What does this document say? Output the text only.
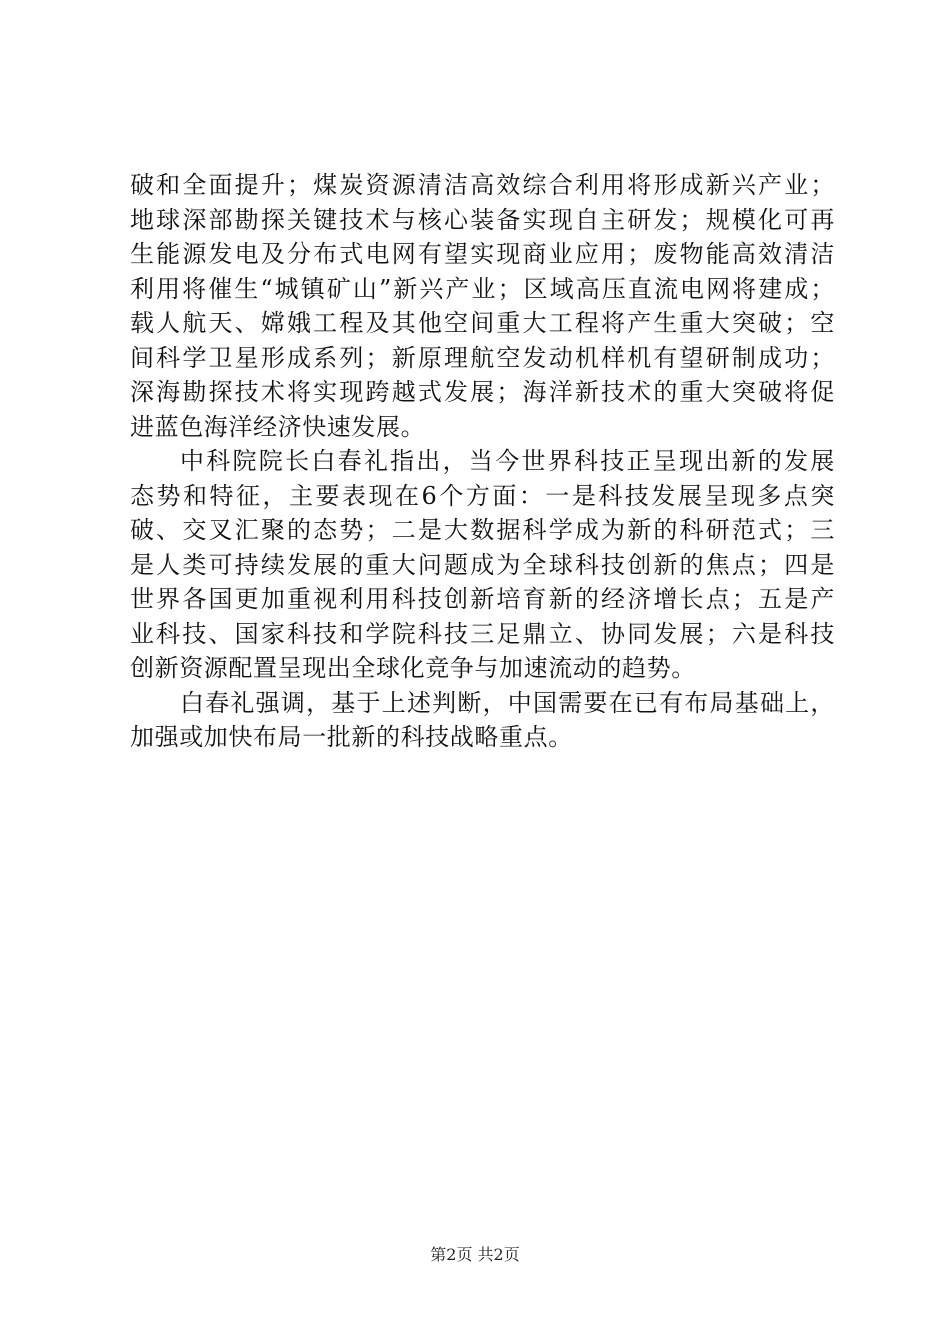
破和全面提升；煤炭资源清洁高效综合利用将形成新兴产业；
地球深部勘探关键技术与核心装备实现自主研发；规模化可再
生能源发电及分布式电网有望实现商业应用；废物能高效清洁
利用将催生“城镇矿山”新兴产业；区域高压直流电网将建成；
载人航天、嫦娥工程及其他空间重大工程将产生重大突破；空
间科学卫星形成系列；新原理航空发动机样机有望研制成功；
深海勘探技术将实现跨越式发展；海洋新技术的重大突破将促
进蓝色海洋经济快速发展。
中科院院长白春礼指出，当今世界科技正呈现出新的发展
态势和特征，主要表现在6个方面：一是科技发展呈现多点突
破、交叉汇聚的态势；二是大数据科学成为新的科研范式；三
是人类可持续发展的重大问题成为全球科技创新的焦点；四是
世界各国更加重视利用科技创新培育新的经济增长点；五是产
业科技、国家科技和学院科技三足鼎立、协同发展；六是科技
创新资源配置呈现出全球化竞争与加速流动的趋势。
白春礼强调，基于上述判断，中国需要在已有布局基础上，
加强或加快布局一批新的科技战略重点。
第2页 共2页
